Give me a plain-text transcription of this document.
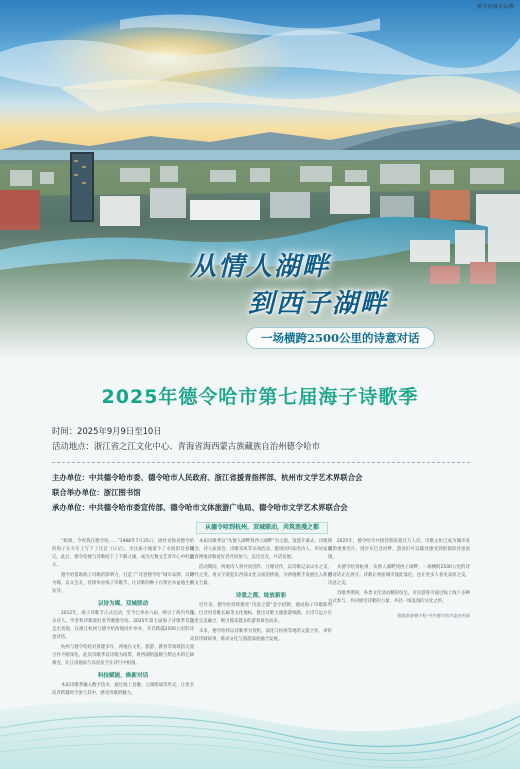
德令哈城市品牌
从情人湖畔
到西子湖畔
一场横跨2500公里的诗意对话
2025年德令哈市第七届海子诗歌季
时间：2025年9月9日至10日
活动地点：浙江省之江文化中心、青海省海西蒙古族藏族自治州德令哈市
主办单位：中共德令哈市委、德令哈市人民政府、浙江省援青指挥部、杭州市文学艺术界联合会
联合举办单位：浙江图书馆
承办单位：中共德令哈市委宣传部、德令哈市文体旅游广电局、德令哈市文学艺术界联合会
从德令哈到杭州，双城联动，共筑浪漫之都

“姐姐，今夜我在德令哈……”1988年7月25日，途经青海省德令哈的海子在火车上写下了这首《日记》，为这座小城留下了永恒的诗意印记。此后，德令哈便与诗歌结下了不解之缘，成为无数文艺青年心中的远方。

德令哈借助海子诗歌的影响力，打造了“诗意德令哈”城市品牌，以诗为媒，以文会友，持续举办海子诗歌节，让诗歌的种子在柴达木盆地生根发芽。

以诗为媒，双城联动

2012年，海子诗歌节正式启动，至今已举办六届，吸引了海内外众多诗人、学者和诗歌爱好者齐聚德令哈。2025年第七届海子诗歌季首次走出青海，在浙江杭州与德令哈两地同步举办，开启跨越2500公里的诗意对话。

杭州与德令哈结对援建多年，两地在文化、旅游、教育等领域的交流合作不断深化。此次诗歌季以诗歌为纽带，将西湖的温婉与柴达木的辽阔相连，让江南烟雨与高原星空在诗行中相遇。

科技赋能，焕新对话

本届诗歌季融入数字技术，通过线上直播、云端朗诵等形式，让更多读者跨越时空参与其中，感受诗歌的魅力。

本届诗歌季以“从情人湖畔到西子湖畔”为主题，设置开幕式、诗歌朗诵会、诗人座谈会、诗歌采风等多项活动，邀请国内知名诗人、评论家及浙青两地诗歌爱好者共同参与，以诗会友，共话发展。

活动期间，两地诗人将共同创作、互赠诗作，以诗歌记录山水之美、时代之变，用文字架起东西部文化交流的桥梁，为两地携手发展注入新的人文力量。

诗意之都，绽放新彩

近年来，德令哈持续擦亮“诗意之都”金字招牌，建成海子诗歌陈列馆、巴音河诗歌长廊等文化地标，推出诗歌主题旅游线路，让诗与远方在这里完美融合，吸引越来越多的游客慕名而来。

未来，德令哈将以诗歌季为契机，深化与杭州等地的文旅合作，讲好高原诗城故事，推动文化与旅游深度融合发展。

2025年，德令哈市共接待游客超百万人次，诗歌文化已成为城市发展的重要名片。漫步在巴音河畔，游客们可以随处感受到浓郁的诗意氛围。

从德令哈到杭州，从情人湖畔到西子湖畔，一场横跨2500公里的诗意对话正在展开。诗歌让两座城市彼此靠近，也让更多人看见高原之美、诗意之美。

诗歌季期间，各类文化活动精彩纷呈，市民游客可通过线上线下多种方式参与，共同感受诗歌的力量，共赴一场浪漫的文化之约。

数据来源德令哈·中共德令哈市委宣传部
